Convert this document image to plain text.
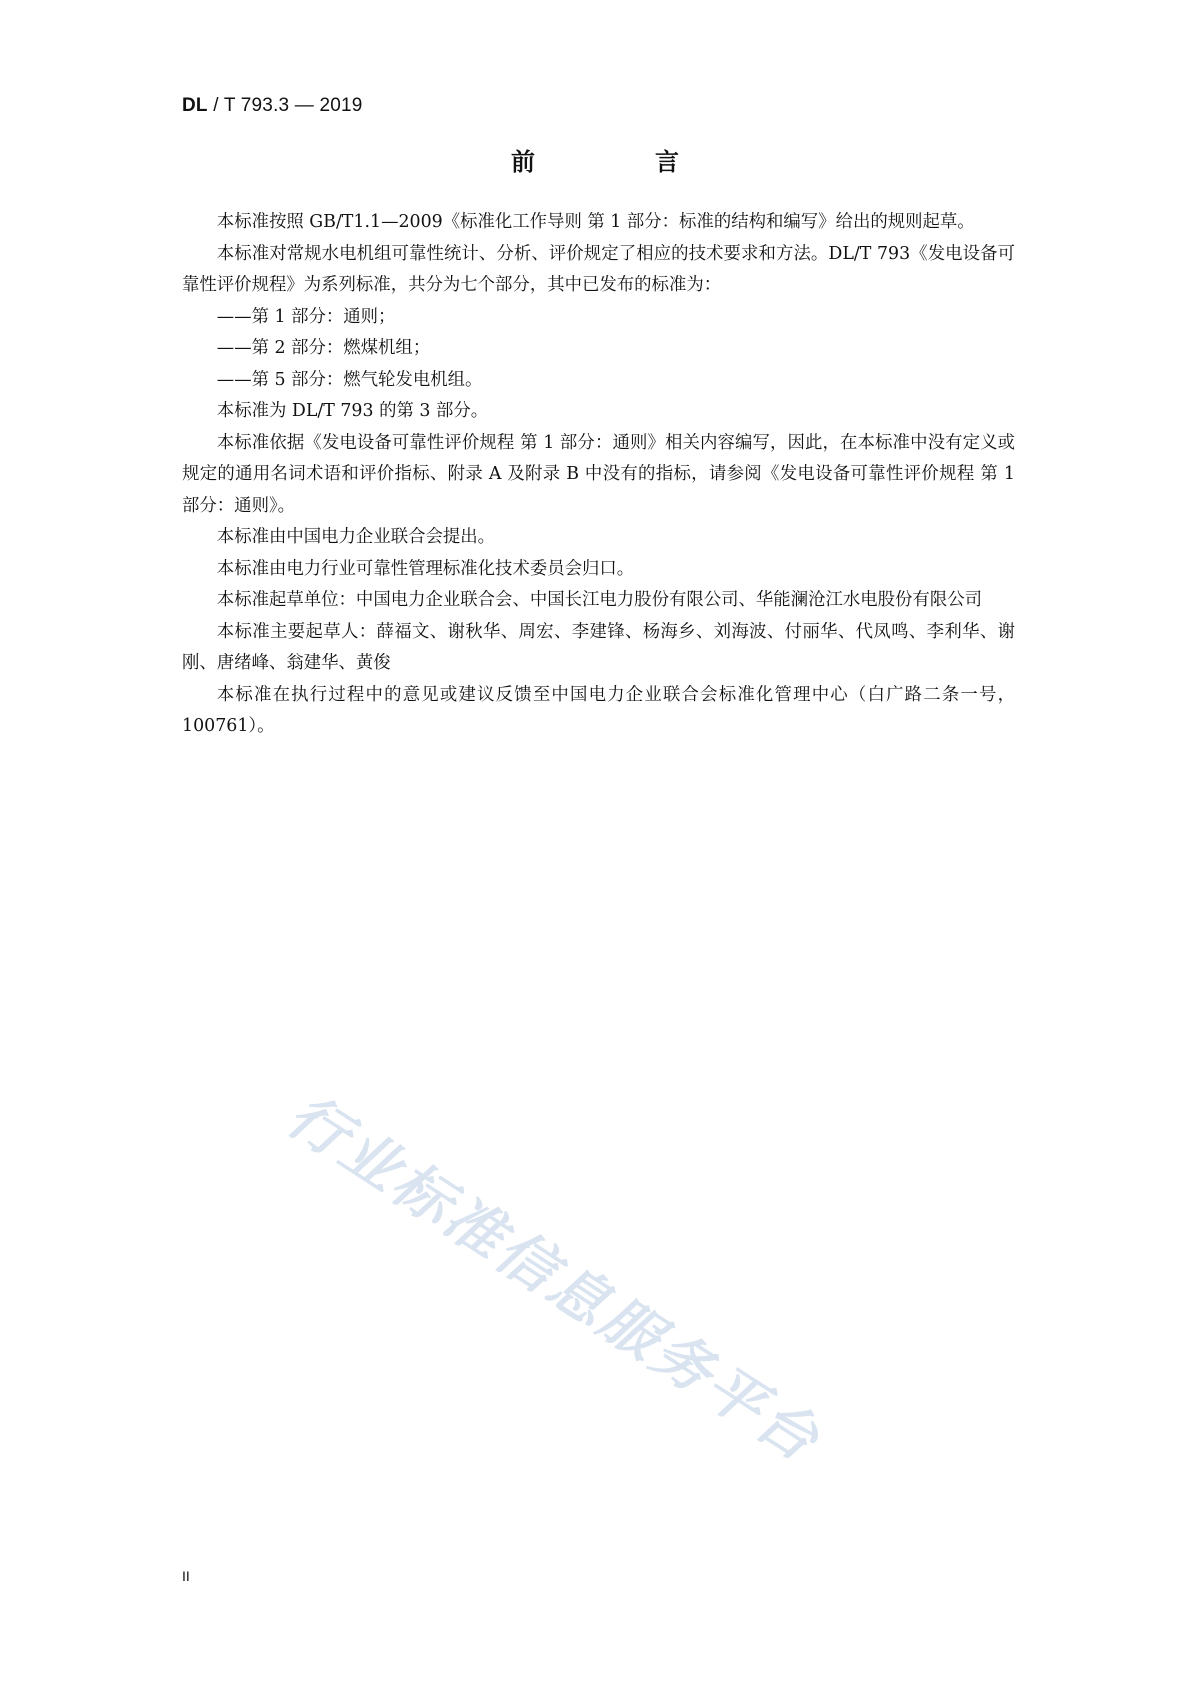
DL / T 793.3 — 2019
前	言

本标准按照 GB/T1.1—2009《标准化工作导则 第 1 部分：标准的结构和编写》给出的规则起草。

本标准对常规水电机组可靠性统计、分析、评价规定了相应的技术要求和方法。DL/T 793《发电设备可靠性评价规程》为系列标准，共分为七个部分，其中已发布的标准为：

——第 1 部分：通则；

——第 2 部分：燃煤机组；

——第 5 部分：燃气轮发电机组。

本标准为 DL/T 793 的第 3 部分。

本标准依据《发电设备可靠性评价规程 第 1 部分：通则》相关内容编写，因此，在本标准中没有定义或规定的通用名词术语和评价指标、附录 A 及附录 B 中没有的指标，请参阅《发电设备可靠性评价规程 第 1 部分：通则》。

本标准由中国电力企业联合会提出。

本标准由电力行业可靠性管理标准化技术委员会归口。

本标准起草单位：中国电力企业联合会、中国长江电力股份有限公司、华能澜沧江水电股份有限公司

本标准主要起草人：薛福文、谢秋华、周宏、李建锋、杨海乡、刘海波、付丽华、代凤鸣、李利华、谢刚、唐绪峰、翁建华、黄俊

本标准在执行过程中的意见或建议反馈至中国电力企业联合会标准化管理中心（白广路二条一号，100761）。

行业标准信息服务平台
II
